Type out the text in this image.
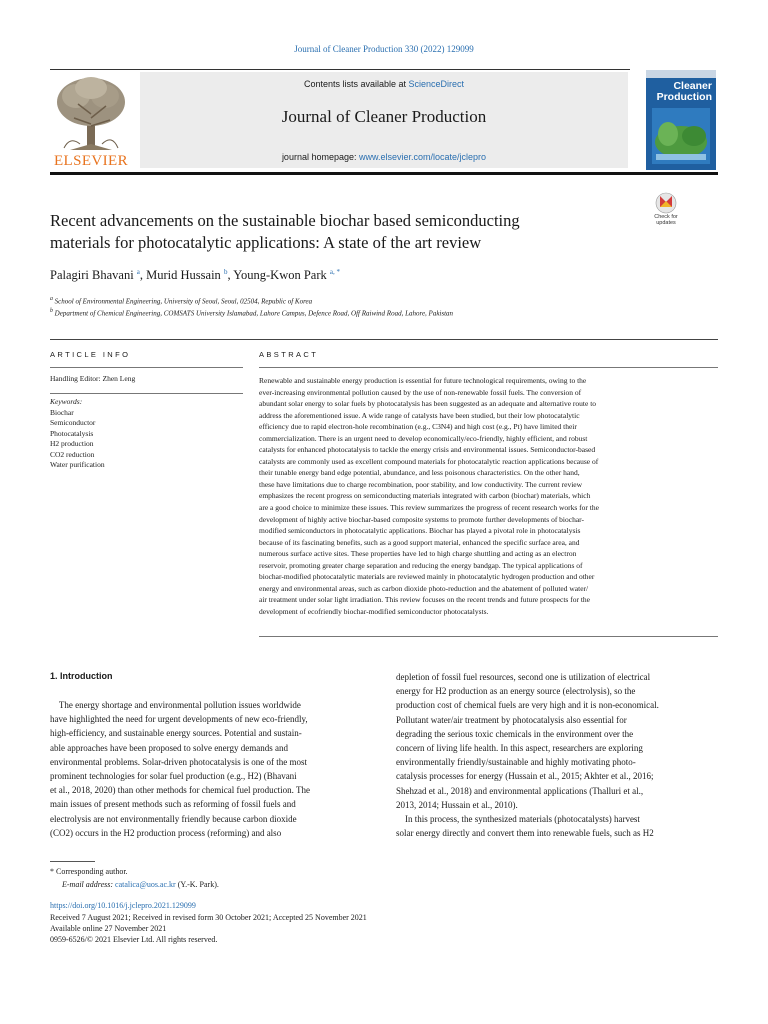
Journal of Cleaner Production 330 (2022) 129099
ELSEVIER
Contents lists available at ScienceDirect
Journal of Cleaner Production
journal homepage: www.elsevier.com/locate/jclepro
Cleaner
Production
Recent advancements on the sustainable biochar based semiconducting
materials for photocatalytic applications: A state of the art review
Check for
updates
Palagiri Bhavani $^a$, Murid Hussain $^b$, Young-Kwon Park $^{a, *}$
$^a$ School of Environmental Engineering, University of Seoul, Seoul, 02504, Republic of Korea
$^b$ Department of Chemical Engineering, COMSATS University Islamabad, Lahore Campus, Defence Road, Off Raiwind Road, Lahore, Pakistan
ARTICLE INFO
Handling Editor: Zhen Leng
Keywords:
Biochar
Semiconductor
Photocatalysis
H2 production
CO2 reduction
Water purification
ABSTRACT
Renewable and sustainable energy production is essential for future technological requirements, owing to the
ever-increasing environmental pollution caused by the use of non-renewable fossil fuels. The conversion of
abundant solar energy to solar fuels by photocatalysis has been suggested as an adequate and alternative route to
address the aforementioned issue. A wide range of catalysts have been studied, but their low photocatalytic
efficiency due to rapid electron-hole recombination (e.g., C3N4) and high cost (e.g., Pt) have limited their
commercialization. There is an urgent need to develop economically/eco-friendly, highly efficient, and robust
catalysts for enhanced photocatalysis to tackle the energy crisis and environmental issues. Semiconductor-based
catalysts are commonly used as excellent compound materials for photocatalytic reaction applications because of
their tunable energy band edge potential, abundance, and less poisonous characteristics. On the other hand,
these have limitations due to charge recombination, poor stability, and low conductivity. The current review
emphasizes the recent progress on semiconducting materials integrated with carbon (biochar) materials, which
are a good choice to minimize these issues. This review summarizes the progress of recent research works for the
development of highly active biochar-based composite systems to promote further developments of biochar-
modified semiconductors in photocatalytic applications. Biochar has played a pivotal role in photocatalysis
because of its fascinating benefits, such as a good support material, enhanced the specific surface area, and
numerous surface active sites. These properties have led to high charge shuttling and acting as an electron
reservoir, promoting greater charge separation and reducing the energy bandgap. The typical applications of
biochar-modified photocatalytic materials are reviewed mainly in photocatalytic hydrogen production and other
energy and environmental areas, such as carbon dioxide photo-reduction and the abatement of polluted water/
air treatment under solar light irradiation. This review focuses on the recent trends and future prospects for the
development of ecofriendly biochar-modified semiconductor photocatalysts.
1. Introduction

The energy shortage and environmental pollution issues worldwide

have highlighted the need for urgent developments of new eco-friendly,

high-efficiency, and sustainable energy sources. Potential and sustain-

able approaches have been proposed to solve energy demands and

environmental problems. Solar-driven photocatalysis is one of the most

prominent technologies for solar fuel production (e.g., H2) (Bhavani

et al., 2018, 2020) than other methods for chemical fuel production. The

main issues of present methods such as reforming of fossil fuels and

electrolysis are not environmentally friendly because carbon dioxide

(CO2) occurs in the H2 production process (reforming) and also

depletion of fossil fuel resources, second one is utilization of electrical

energy for H2 production as an energy source (electrolysis), so the

production cost of chemical fuels are very high and it is non-economical.

Pollutant water/air treatment by photocatalysis also essential for

degrading the serious toxic chemicals in the environment over the

concern of living life health. In this aspect, researchers are exploring

environmentally friendly/sustainable and highly motivating photo-

catalysis processes for energy (Hussain et al., 2015; Akhter et al., 2016;

Shehzad et al., 2018) and environmental applications (Thalluri et al.,

2013, 2014; Hussain et al., 2010).

In this process, the synthesized materials (photocatalysts) harvest

solar energy directly and convert them into renewable fuels, such as H2

* Corresponding author.
E-mail address: catalica@uos.ac.kr (Y.-K. Park).
https://doi.org/10.1016/j.jclepro.2021.129099
Received 7 August 2021; Received in revised form 30 October 2021; Accepted 25 November 2021
Available online 27 November 2021
0959-6526/© 2021 Elsevier Ltd. All rights reserved.
